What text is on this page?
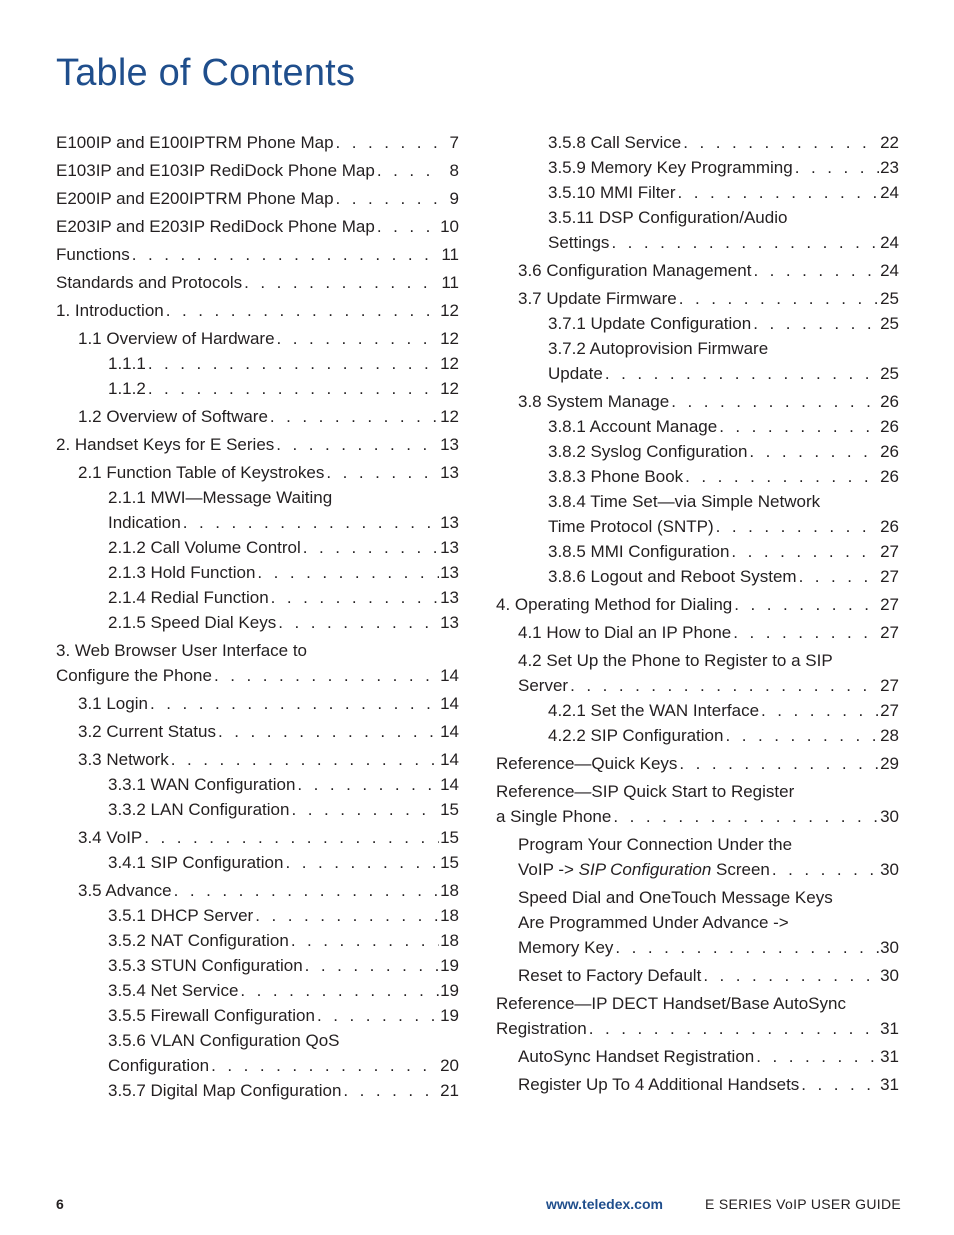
Table of Contents
E100IP and E100IPTRM Phone Map . . .	7
E103IP and E103IP RediDock Phone Map . . .	8
E200IP and E200IPTRM Phone Map . . .	9
E203IP and E203IP RediDock Phone Map . . .	10
Functions . . .	11
Standards and Protocols . . .	11
1. Introduction . . .	12
1.1 Overview of Hardware . . .	12
1.1.1 . . .	12
1.1.2 . . .	12
1.2 Overview of Software . . .	12
2. Handset Keys for E Series . . .	13
2.1 Function Table of Keystrokes . . .	13
2.1.1 MWI—Message Waiting
Indication . . .	13
2.1.2 Call Volume Control . . .	13
2.1.3 Hold Function . . .	13
2.1.4 Redial Function . . .	13
2.1.5 Speed Dial Keys . . .	13
3. Web Browser User Interface to
Configure the Phone . . .	14
3.1 Login . . .	14
3.2 Current Status . . .	14
3.3 Network . . .	14
3.3.1 WAN Configuration . . .	14
3.3.2 LAN Configuration . . .	15
3.4 VoIP . . .	15
3.4.1 SIP Configuration . . .	15
3.5 Advance . . .	18
3.5.1 DHCP Server . . .	18
3.5.2 NAT Configuration . . .	18
3.5.3 STUN Configuration . . .	19
3.5.4 Net Service . . .	19
3.5.5 Firewall Configuration . . .	19
3.5.6 VLAN Configuration QoS
Configuration . . .	20
3.5.7 Digital Map Configuration . . .	21
3.5.8 Call Service . . .	22
3.5.9 Memory Key Programming . . .	23
3.5.10 MMI Filter . . .	24
3.5.11 DSP Configuration/Audio
Settings . . .	24
3.6 Configuration Management . . .	24
3.7 Update Firmware . . .	25
3.7.1 Update Configuration . . .	25
3.7.2 Autoprovision Firmware
Update . . .	25
3.8 System Manage . . .	26
3.8.1 Account Manage . . .	26
3.8.2 Syslog Configuration . . .	26
3.8.3 Phone Book . . .	26
3.8.4 Time Set—via Simple Network
Time Protocol (SNTP) . . .	26
3.8.5 MMI Configuration . . .	27
3.8.6 Logout and Reboot System . . .	27
4. Operating Method for Dialing . . .	27
4.1 How to Dial an IP Phone . . .	27
4.2 Set Up the Phone to Register to a SIP
Server . . .	27
4.2.1 Set the WAN Interface . . .	27
4.2.2 SIP Configuration . . .	28
Reference—Quick Keys . . .	29
Reference—SIP Quick Start to Register
a Single Phone . . .	30
Program Your Connection Under the
VoIP -> SIP Configuration Screen . . .	30
Speed Dial and OneTouch Message Keys
Are Programmed Under Advance ->
Memory Key . . .	30
Reset to Factory Default . . .	30
Reference—IP DECT Handset/Base AutoSync
Registration . . .	31
AutoSync Handset Registration . . .	31
Register Up To 4 Additional Handsets . . .	31
6	www.teledex.com	E SERIES VoIP USER GUIDE
